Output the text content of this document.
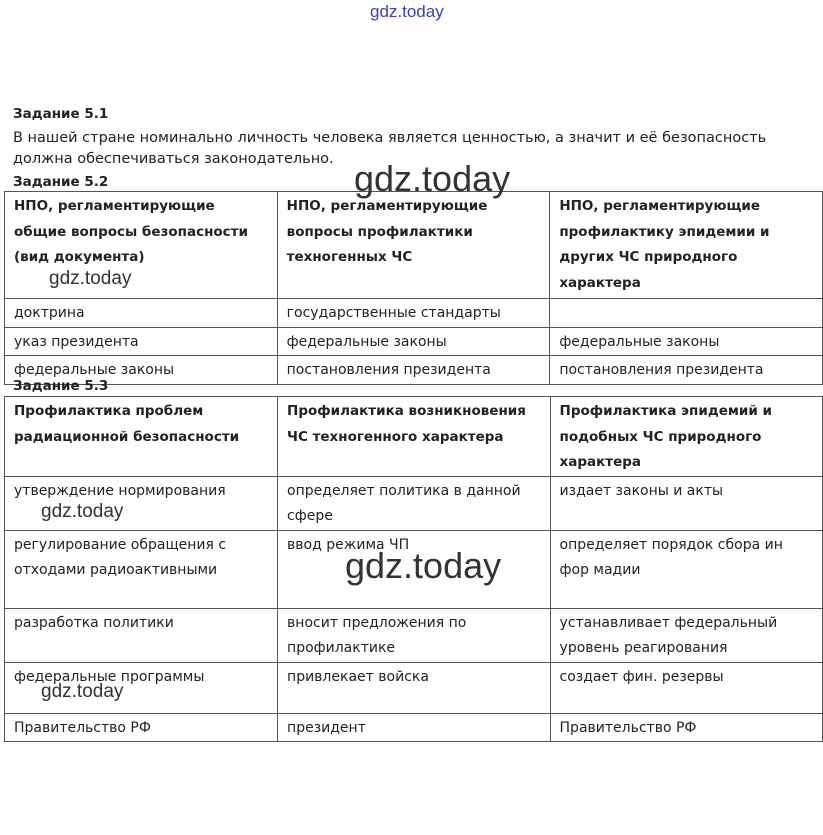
gdz.today
Задание 5.1
В нашей стране номинально личность человека является ценностью, а значит и её безопасность
должна обеспечиваться законодательно.
Задание 5.2
НПО, регламентирующие общие вопросы безопасности (вид документа)	НПО, регламентирующие вопросы профилактики техногенных ЧС	НПО, регламентирующие профилактику эпидемии и других ЧС природного характера
доктрина	государственные стандарты	
указ президента	федеральные законы	федеральные законы
федеральные законы	постановления президента	постановления президента
Задание 5.3
Профилактика проблем радиационной безопасности	Профилактика возникновения ЧС техногенного характера	Профилактика эпидемий и подобных ЧС природного характера
утверждение нормирования	определяет политика в данной сфере	издает законы и акты
регулирование обращения с отходами радиоактивными	ввод режима ЧП	определяет порядок сбора ин фор мадии
разработка политики	вносит предложения по профилактике	устанавливает федеральный уровень реагирования
федеральные программы	привлекает войска	создает фин. резервы
Правительство РФ	президент	Правительство РФ
gdz.today
gdz.today
gdz.today
gdz.today
gdz.today
